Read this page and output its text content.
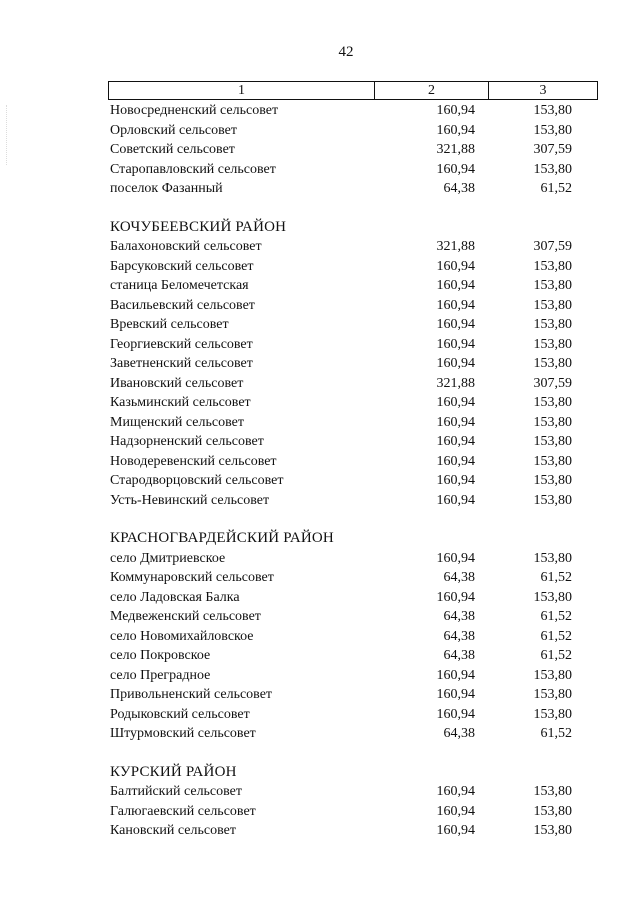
42
1	2	3
Новосредненский сельсовет	160,94	153,80
Орловский сельсовет	160,94	153,80
Советский сельсовет	321,88	307,59
Старопавловский сельсовет	160,94	153,80
поселок Фазанный	64,38	61,52
КОЧУБЕЕВСКИЙ РАЙОН
Балахоновский сельсовет	321,88	307,59
Барсуковский сельсовет	160,94	153,80
станица Беломечетская	160,94	153,80
Васильевский сельсовет	160,94	153,80
Вревский сельсовет	160,94	153,80
Георгиевский сельсовет	160,94	153,80
Заветненский сельсовет	160,94	153,80
Ивановский сельсовет	321,88	307,59
Казьминский сельсовет	160,94	153,80
Мищенский сельсовет	160,94	153,80
Надзорненский сельсовет	160,94	153,80
Новодеревенский сельсовет	160,94	153,80
Стародворцовский сельсовет	160,94	153,80
Усть-Невинский сельсовет	160,94	153,80
КРАСНОГВАРДЕЙСКИЙ РАЙОН
село Дмитриевское	160,94	153,80
Коммунаровский сельсовет	64,38	61,52
село Ладовская Балка	160,94	153,80
Медвеженский сельсовет	64,38	61,52
село Новомихайловское	64,38	61,52
село Покровское	64,38	61,52
село Преградное	160,94	153,80
Привольненский сельсовет	160,94	153,80
Родыковский сельсовет	160,94	153,80
Штурмовский сельсовет	64,38	61,52
КУРСКИЙ РАЙОН
Балтийский сельсовет	160,94	153,80
Галюгаевский сельсовет	160,94	153,80
Кановский сельсовет	160,94	153,80
